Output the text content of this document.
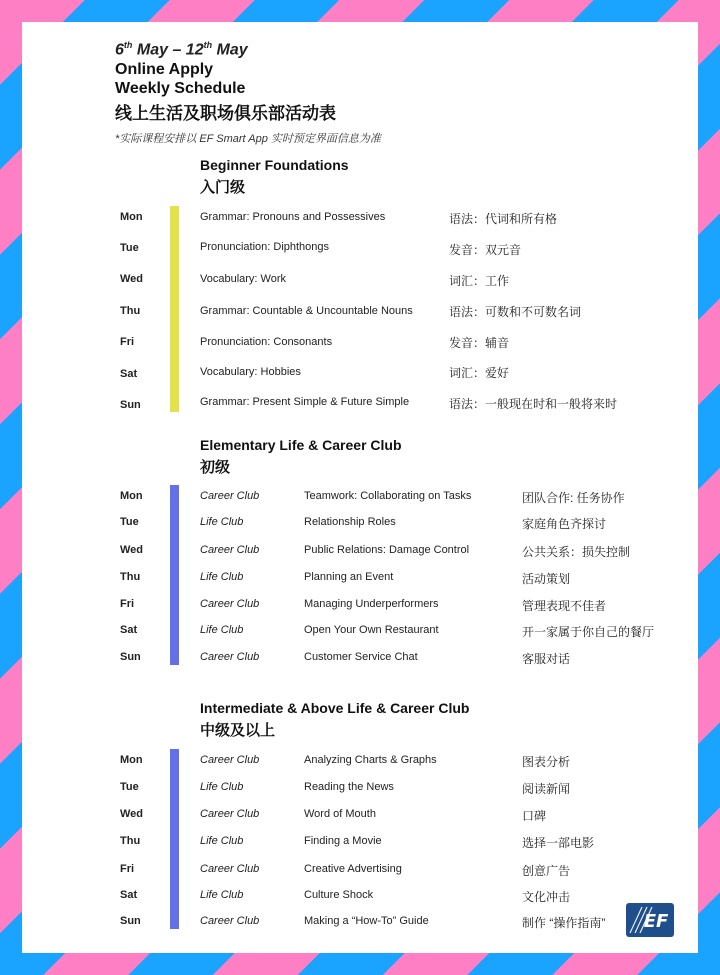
6th May – 12th May
Online Apply
Weekly Schedule
线上生活及职场俱乐部活动表
*实际课程安排以 EF Smart App 实时预定界面信息为准
Beginner Foundations
入门级
Mon	Grammar: Pronouns and Possessives	语法：代词和所有格
Tue	Pronunciation: Diphthongs	发音：双元音
Wed	Vocabulary: Work	词汇：工作
Thu	Grammar: Countable & Uncountable Nouns	语法：可数和不可数名词
Fri	Pronunciation: Consonants	发音：辅音
Sat	Vocabulary: Hobbies	词汇：爱好
Sun	Grammar: Present Simple & Future Simple	语法：一般现在时和一般将来时
Elementary Life & Career Club
初级
Mon	Career Club	Teamwork: Collaborating on Tasks	团队合作: 任务协作
Tue	Life Club	Relationship Roles	家庭角色齐探讨
Wed	Career Club	Public Relations: Damage Control	公共关系：损失控制
Thu	Life Club	Planning an Event	活动策划
Fri	Career Club	Managing Underperformers	管理表现不佳者
Sat	Life Club	Open Your Own Restaurant	开一家属于你自己的餐厅
Sun	Career Club	Customer Service Chat	客服对话
Intermediate & Above Life & Career Club
中级及以上
Mon	Career Club	Analyzing Charts & Graphs	图表分析
Tue	Life Club	Reading the News	阅读新闻
Wed	Career Club	Word of Mouth	口碑
Thu	Life Club	Finding a Movie	选择一部电影
Fri	Career Club	Creative Advertising	创意广告
Sat	Life Club	Culture Shock	文化冲击
Sun	Career Club	Making a “How-To” Guide	制作 “操作指南” EF
